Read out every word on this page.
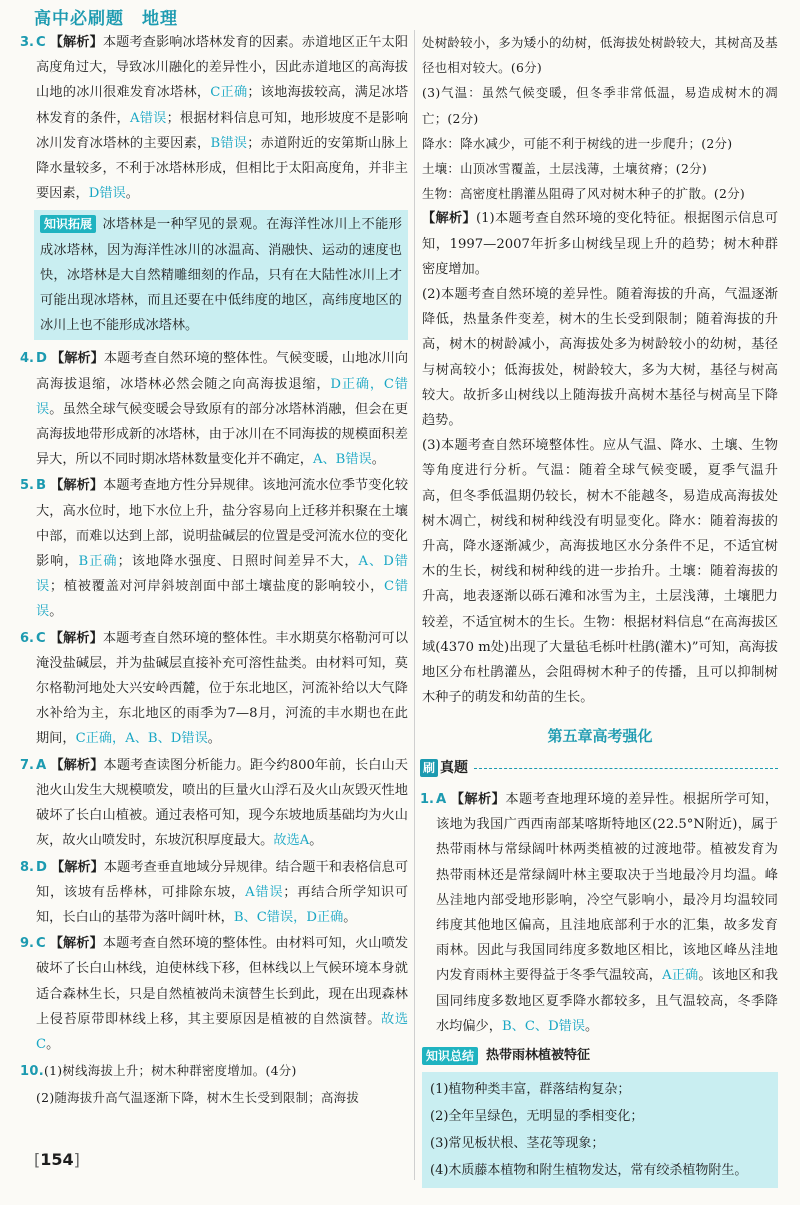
高中必刷题　地理

3. C 【解析】本题考查影响冰塔林发育的因素。赤道地区正午太阳高度角过大，导致冰川融化的差异性小，因此赤道地区的高海拔山地的冰川很难发育冰塔林，C正确；该地海拔较高，满足冰塔林发育的条件，A错误；根据材料信息可知，地形坡度不是影响冰川发育冰塔林的主要因素，B错误；赤道附近的安第斯山脉上降水量较多，不利于冰塔林形成，但相比于太阳高度角，并非主要因素，D错误。

知识拓展 冰塔林是一种罕见的景观。在海洋性冰川上不能形成冰塔林，因为海洋性冰川的冰温高、消融快、运动的速度也快，冰塔林是大自然精雕细刻的作品，只有在大陆性冰川上才可能出现冰塔林，而且还要在中低纬度的地区，高纬度地区的冰川上也不能形成冰塔林。

4. D 【解析】本题考查自然环境的整体性。气候变暖，山地冰川向高海拔退缩，冰塔林必然会随之向高海拔退缩，D正确，C错误。虽然全球气候变暖会导致原有的部分冰塔林消融，但会在更高海拔地带形成新的冰塔林，由于冰川在不同海拔的规模面积差异大，所以不同时期冰塔林数量变化并不确定，A、B错误。

5. B 【解析】本题考查地方性分异规律。该地河流水位季节变化较大，高水位时，地下水位上升，盐分容易向上迁移并积聚在土壤中部，而难以达到上部，说明盐碱层的位置是受河流水位的变化影响，B正确；该地降水强度、日照时间差异不大，A、D错误；植被覆盖对河岸斜坡剖面中部土壤盐度的影响较小，C错误。

6. C 【解析】本题考查自然环境的整体性。丰水期莫尔格勒河可以淹没盐碱层，并为盐碱层直接补充可溶性盐类。由材料可知，莫尔格勒河地处大兴安岭西麓，位于东北地区，河流补给以大气降水补给为主，东北地区的雨季为7—8月，河流的丰水期也在此期间，C正确，A、B、D错误。

7. A 【解析】本题考查读图分析能力。距今约800年前，长白山天池火山发生大规模喷发，喷出的巨量火山浮石及火山灰毁灭性地破坏了长白山植被。通过表格可知，现今东坡地质基础均为火山灰，故火山喷发时，东坡沉积厚度最大。故选A。

8. D 【解析】本题考查垂直地域分异规律。结合题干和表格信息可知，该坡有岳桦林，可排除东坡，A错误；再结合所学知识可知，长白山的基带为落叶阔叶林，B、C错误，D正确。

9. C 【解析】本题考查自然环境的整体性。由材料可知，火山喷发破坏了长白山林线，迫使林线下移，但林线以上气候环境本身就适合森林生长，只是自然植被尚未演替生长到此，现在出现森林上侵苔原带即林线上移，其主要原因是植被的自然演替。故选C。

10.(1)树线海拔上升；树木种群密度增加。(4分)

(2)随海拔升高气温逐渐下降，树木生长受到限制；高海拔

处树龄较小，多为矮小的幼树，低海拔处树龄较大，其树高及基径也相对较大。(6分)

(3)气温：虽然气候变暖，但冬季非常低温，易造成树木的凋亡；(2分)

降水：降水减少，可能不利于树线的进一步爬升；(2分)

土壤：山顶冰雪覆盖，土层浅薄，土壤贫瘠；(2分)

生物：高密度杜鹃灌丛阻碍了风对树木种子的扩散。(2分)

【解析】(1)本题考查自然环境的变化特征。根据图示信息可知，1997—2007年折多山树线呈现上升的趋势；树木种群密度增加。

(2)本题考查自然环境的差异性。随着海拔的升高，气温逐渐降低，热量条件变差，树木的生长受到限制；随着海拔的升高，树木的树龄减小，高海拔处多为树龄较小的幼树，基径与树高较小；低海拔处，树龄较大，多为大树，基径与树高较大。故折多山树线以上随海拔升高树木基径与树高呈下降趋势。

(3)本题考查自然环境整体性。应从气温、降水、土壤、生物等角度进行分析。气温：随着全球气候变暖，夏季气温升高，但冬季低温期仍较长，树木不能越冬，易造成高海拔处树木凋亡，树线和树种线没有明显变化。降水：随着海拔的升高，降水逐渐减少，高海拔地区水分条件不足，不适宜树木的生长，树线和树种线的进一步抬升。土壤：随着海拔的升高，地表逐渐以砾石滩和冰雪为主，土层浅薄，土壤肥力较差，不适宜树木的生长。生物：根据材料信息“在高海拔区域(4370 m处)出现了大量毡毛栎叶杜鹃(灌木)”可知，高海拔地区分布杜鹃灌丛，会阻碍树木种子的传播，且可以抑制树木种子的萌发和幼苗的生长。

第五章高考强化
刷 真题

1. A 【解析】本题考查地理环境的差异性。根据所学可知，该地为我国广西西南部某喀斯特地区(22.5°N附近)，属于热带雨林与常绿阔叶林两类植被的过渡地带。植被发育为热带雨林还是常绿阔叶林主要取决于当地最冷月均温。峰丛洼地内部受地形影响，冷空气影响小，最冷月均温较同纬度其他地区偏高，且洼地底部利于水的汇集，故多发育雨林。因此与我国同纬度多数地区相比，该地区峰丛洼地内发育雨林主要得益于冬季气温较高，A正确。该地区和我国同纬度多数地区夏季降水都较多，且气温较高，冬季降水均偏少，B、C、D错误。

知识总结 热带雨林植被特征

(1)植物种类丰富，群落结构复杂；

(2)全年呈绿色，无明显的季相变化；

(3)常见板状根、茎花等现象；

(4)木质藤本植物和附生植物发达，常有绞杀植物附生。

[154]
